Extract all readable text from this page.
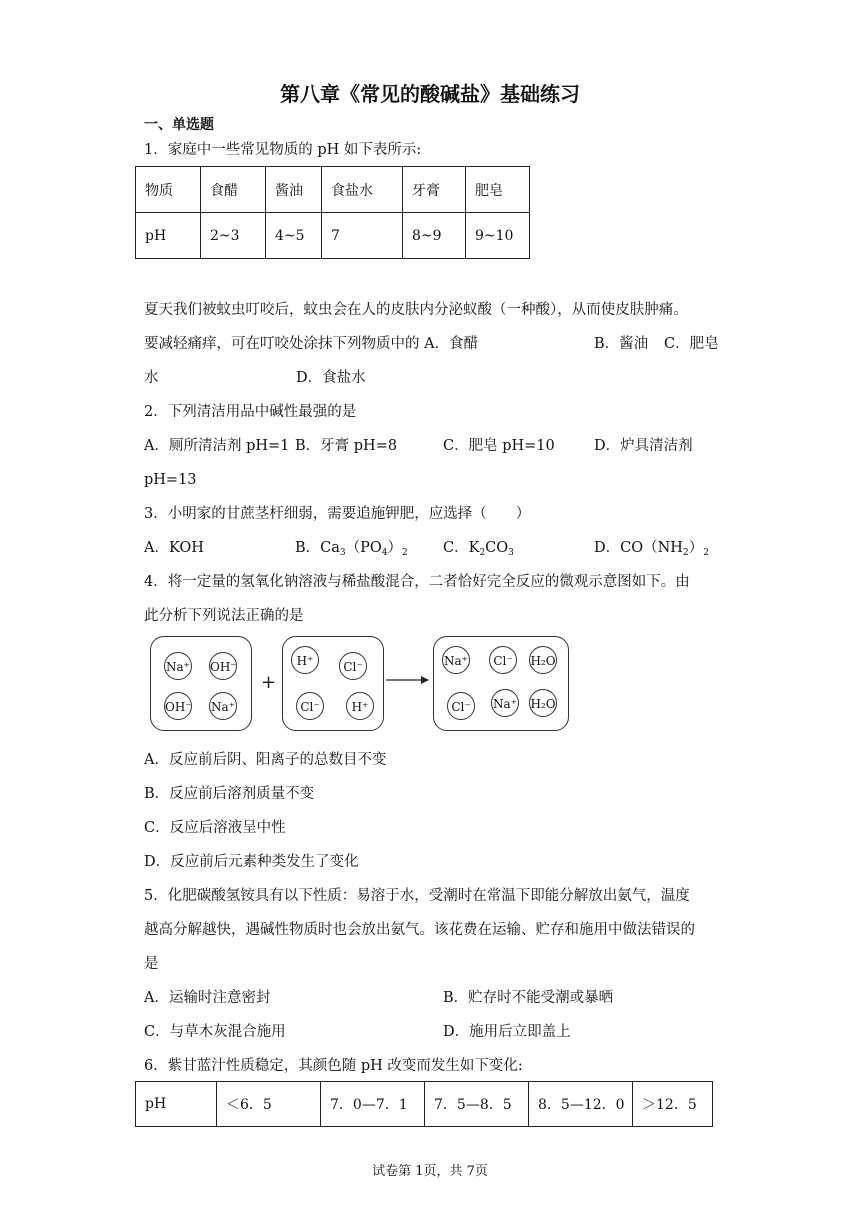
第八章《常见的酸碱盐》基础练习
一、单选题
1．家庭中一些常见物质的 pH 如下表所示:
物质	食醋	酱油	食盐水	牙膏	肥皂
pH	2~3	4~5	7	8~9	9~10
夏天我们被蚊虫叮咬后，蚊虫会在人的皮肤内分泌蚁酸（一种酸），从而使皮肤肿痛。
要减轻痛痒，可在叮咬处涂抹下列物质中的 A．食醋	B．酱油 C．肥皂
水	D．食盐水
2．下列清洁用品中碱性最强的是
A．厕所清洁剂 pH=1 B．牙膏 pH=8	C．肥皂 pH=10	D．炉具清洁剂
pH=13
3．小明家的甘蔗茎杆细弱，需要追施钾肥，应选择（　　）
A．KOH	B．$Ca_3(PO_4)_2$ C．$K_2CO_3$	D．$CO(NH_2)_2$
4．将一定量的氢氧化钠溶液与稀盐酸混合，二者恰好完全反应的微观示意图如下。由
此分析下列说法正确的是
Na⁺ OH⁻
OH⁻ Na⁺
+
H⁺	Cl⁻
Cl⁻	H⁺
Na⁺	Cl⁻	H₂O
Cl⁻	Na⁺ H₂O
A．反应前后阴、阳离子的总数目不变
B．反应前后溶剂质量不变
C．反应后溶液呈中性
D．反应前后元素种类发生了变化
5．化肥碳酸氢铵具有以下性质：易溶于水，受潮时在常温下即能分解放出氨气，温度
越高分解越快，遇碱性物质时也会放出氨气。该花费在运输、贮存和施用中做法错误的
是
A．运输时注意密封	B．贮存时不能受潮或暴晒
C．与草木灰混合施用	D．施用后立即盖上
6．紫甘蓝汁性质稳定，其颜色随 pH 改变而发生如下变化:
pH	＜6．5	7．0—7．1	7．5—8．5	8．5—12．0	＞12．5
试卷第 1页，共 7页
